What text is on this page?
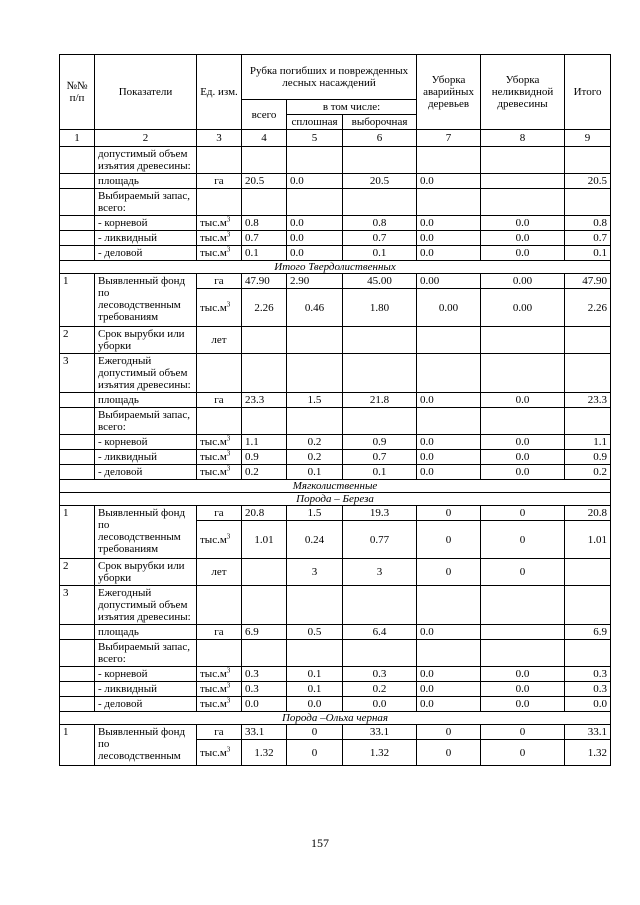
№№ п/п	Показатели	Ед. изм.	Рубка погибших и поврежденных лесных насаждений			Уборка аварийных деревьев	Уборка неликвидной древесины	Итого
			всего	в том числе:				
				сплошная	выборочная			
1	2	3	4	5	6	7	8	9
	допустимый объем изъятия древесины:							
	площадь	га	20.5	0.0	20.5	0.0		20.5
	Выбираемый запас, всего:							
	- корневой	$тыс.м^3$	0.8	0.0	0.8	0.0	0.0	0.8
	- ликвидный	$тыс.м^3$	0.7	0.0	0.7	0.0	0.0	0.7
	- деловой	$тыс.м^3$	0.1	0.0	0.1	0.0	0.0	0.1
Итого Твердолиственных								
1	Выявленный фонд по лесоводственным требованиям	га	47.90	2.90	45.00	0.00	0.00	47.90
		$тыс.м^3$	2.26	0.46	1.80	0.00	0.00	2.26
2	Срок вырубки или уборки	лет						
3	Ежегодный допустимый объем изъятия древесины:							
	площадь	га	23.3	1.5	21.8	0.0	0.0	23.3
	Выбираемый запас, всего:							
	- корневой	$тыс.м^3$	1.1	0.2	0.9	0.0	0.0	1.1
	- ликвидный	$тыс.м^3$	0.9	0.2	0.7	0.0	0.0	0.9
	- деловой	$тыс.м^3$	0.2	0.1	0.1	0.0	0.0	0.2
Мягколиственные								
Порода – Береза								
1	Выявленный фонд по лесоводственным требованиям	га	20.8	1.5	19.3	0	0	20.8
		$тыс.м^3$	1.01	0.24	0.77	0	0	1.01
2	Срок вырубки или уборки	лет		3	3	0	0	
3	Ежегодный допустимый объем изъятия древесины:							
	площадь	га	6.9	0.5	6.4	0.0		6.9
	Выбираемый запас, всего:							
	- корневой	$тыс.м^3$	0.3	0.1	0.3	0.0	0.0	0.3
	- ликвидный	$тыс.м^3$	0.3	0.1	0.2	0.0	0.0	0.3
	- деловой	$тыс.м^3$	0.0	0.0	0.0	0.0	0.0	0.0
Порода –Ольха черная								
1	Выявленный фонд по лесоводственным	га	33.1	0	33.1	0	0	33.1
		$тыс.м^3$	1.32	0	1.32	0	0	1.32
157
